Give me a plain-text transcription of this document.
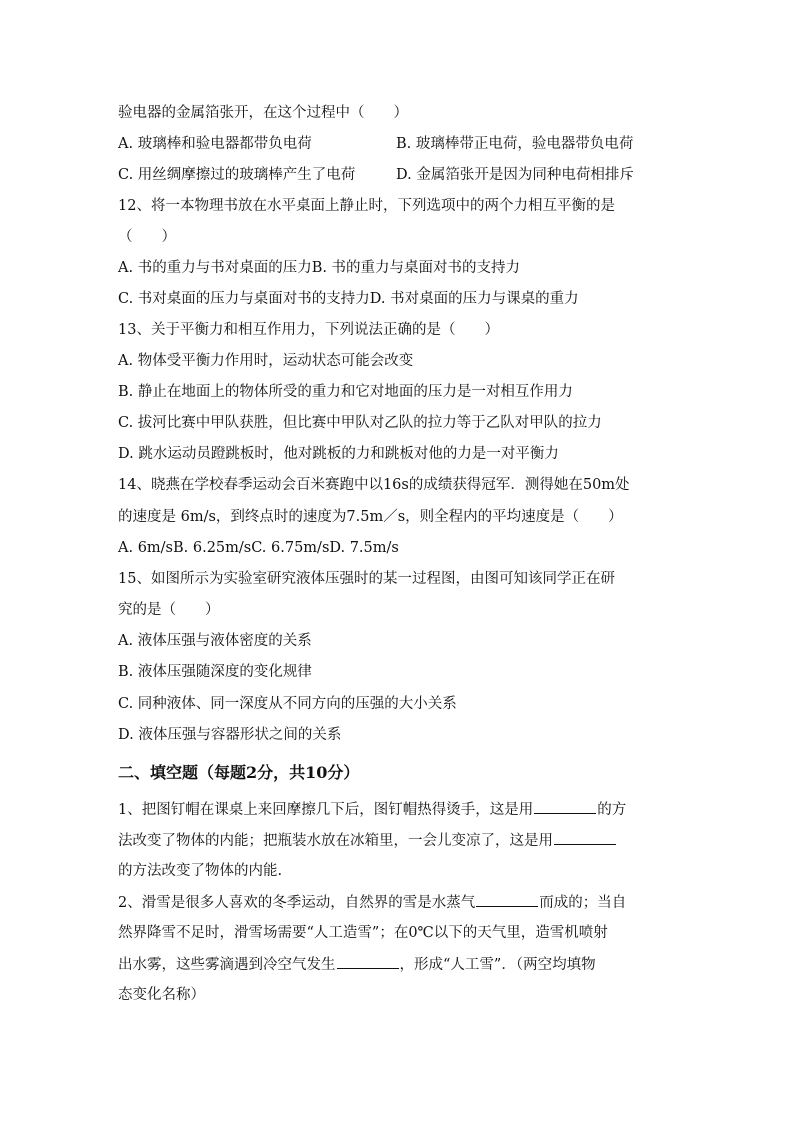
验电器的金属箔张开，在这个过程中（　　）
A. 玻璃棒和验电器都带负电荷	B. 玻璃棒带正电荷，验电器带负电荷
C. 用丝绸摩擦过的玻璃棒产生了电荷	D. 金属箔张开是因为同种电荷相排斥
12、将一本物理书放在水平桌面上静止时，下列选项中的两个力相互平衡的是
（　　）
A. 书的重力与书对桌面的压力B. 书的重力与桌面对书的支持力
C. 书对桌面的压力与桌面对书的支持力D. 书对桌面的压力与课桌的重力
13、关于平衡力和相互作用力，下列说法正确的是（　　）
A. 物体受平衡力作用时，运动状态可能会改变
B. 静止在地面上的物体所受的重力和它对地面的压力是一对相互作用力
C. 拔河比赛中甲队获胜，但比赛中甲队对乙队的拉力等于乙队对甲队的拉力
D. 跳水运动员蹬跳板时，他对跳板的力和跳板对他的力是一对平衡力
14、晓燕在学校春季运动会百米赛跑中以16s的成绩获得冠军．测得她在50m处
的速度是 6m/s，到终点时的速度为7.5m／s，则全程内的平均速度是（　　）
A. 6m/sB. 6.25m/sC. 6.75m/sD. 7.5m/s
15、如图所示为实验室研究液体压强时的某一过程图，由图可知该同学正在研
究的是（　　）
A. 液体压强与液体密度的关系
B. 液体压强随深度的变化规律
C. 同种液体、同一深度从不同方向的压强的大小关系
D. 液体压强与容器形状之间的关系
二、填空题（每题2分，共10分）
1、把图钉帽在课桌上来回摩擦几下后，图钉帽热得烫手，这是用	的方
法改变了物体的内能；把瓶装水放在冰箱里，一会儿变凉了，这是用
的方法改变了物体的内能.
2、滑雪是很多人喜欢的冬季运动，自然界的雪是水蒸气	而成的；当自
然界降雪不足时，滑雪场需要“人工造雪”；在0℃以下的天气里，造雪机喷射
出水雾，这些雾滴遇到冷空气发生	，形成“人工雪”．（两空均填物
态变化名称）
